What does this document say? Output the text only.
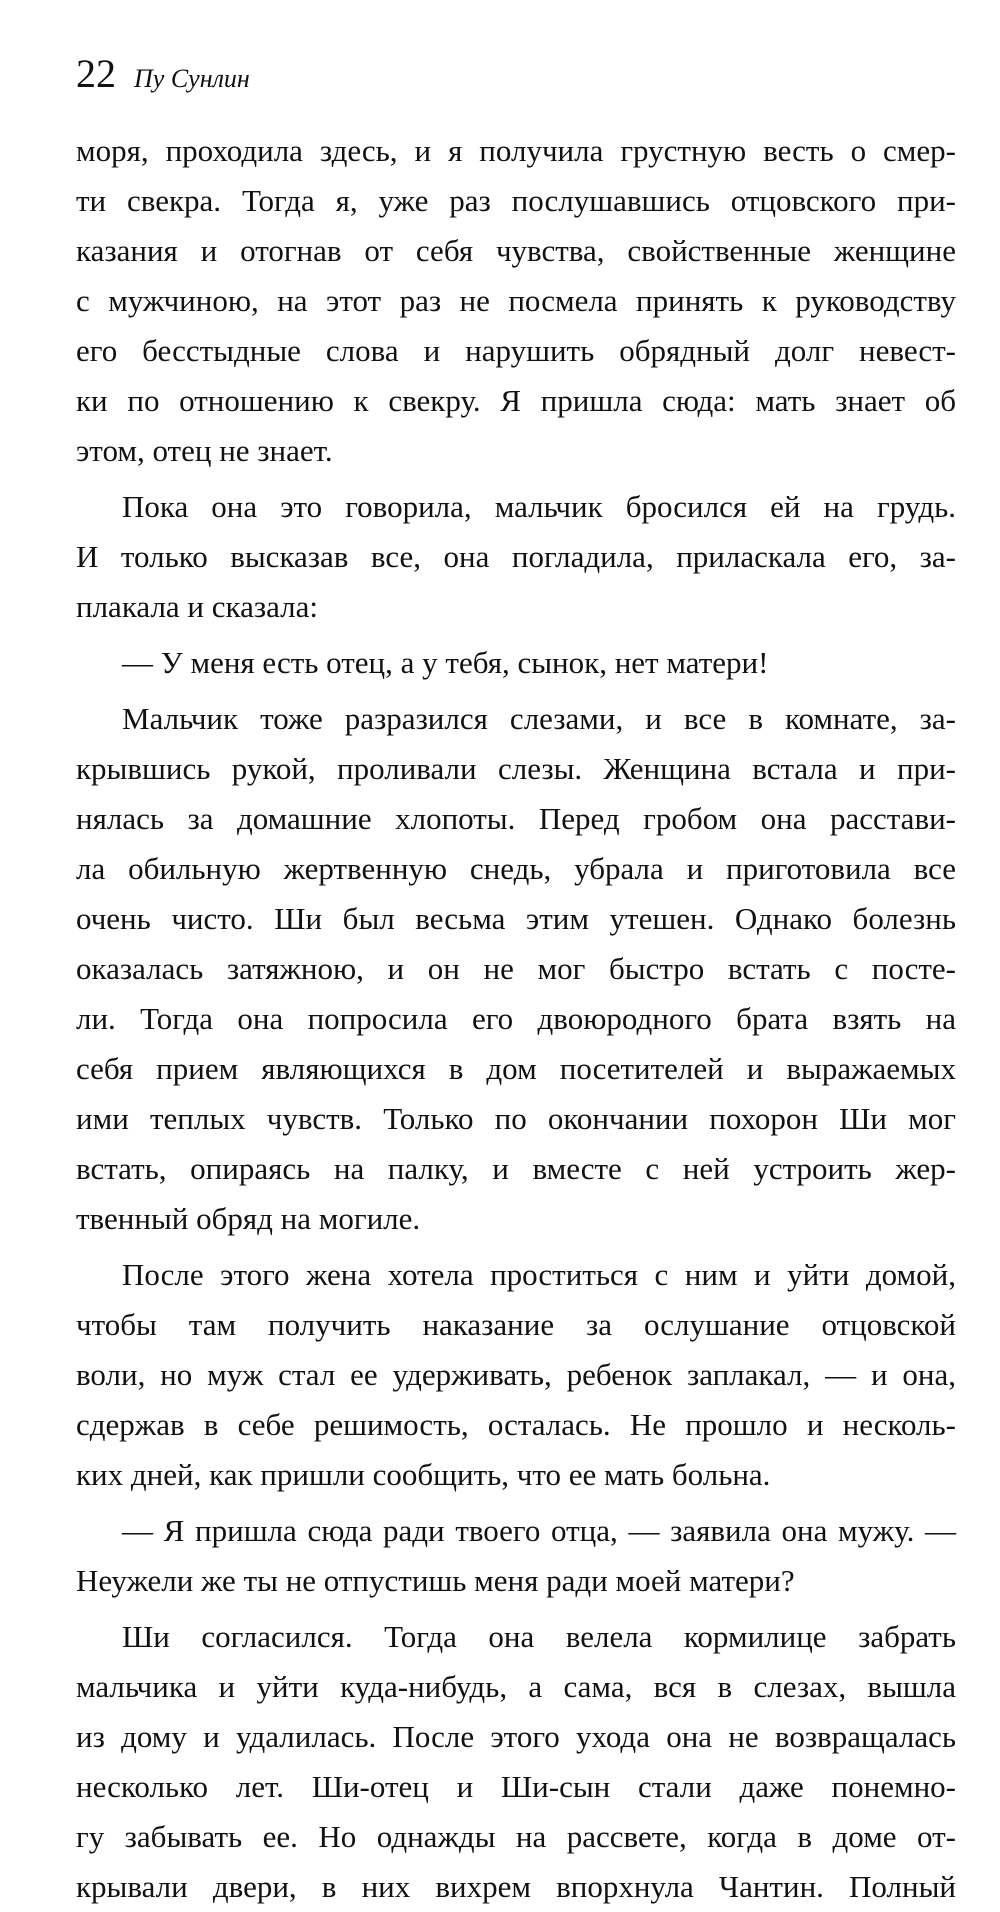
22 Пу Сунлин
моря, проходила здесь, и я получила грустную весть о смер-
ти свекра. Тогда я, уже раз послушавшись отцовского при-
казания и отогнав от себя чувства, свойственные женщине
с мужчиною, на этот раз не посмела принять к руководству
его бесстыдные слова и нарушить обрядный долг невест-
ки по отношению к свекру. Я пришла сюда: мать знает об
этом, отец не знает.
Пока она это говорила, мальчик бросился ей на грудь.
И только высказав все, она погладила, приласкала его, за-
плакала и сказала:
— У меня есть отец, а у тебя, сынок, нет матери!
Мальчик тоже разразился слезами, и все в комнате, за-
крывшись рукой, проливали слезы. Женщина встала и при-
нялась за домашние хлопоты. Перед гробом она расстави-
ла обильную жертвенную снедь, убрала и приготовила все
очень чисто. Ши был весьма этим утешен. Однако болезнь
оказалась затяжною, и он не мог быстро встать с посте-
ли. Тогда она попросила его двоюродного брата взять на
себя прием являющихся в дом посетителей и выражаемых
ими теплых чувств. Только по окончании похорон Ши мог
встать, опираясь на палку, и вместе с ней устроить жер-
твенный обряд на могиле.
После этого жена хотела проститься с ним и уйти домой,
чтобы там получить наказание за ослушание отцовской
воли, но муж стал ее удерживать, ребенок заплакал, — и она,
сдержав в себе решимость, осталась. Не прошло и несколь-
ких дней, как пришли сообщить, что ее мать больна.
— Я пришла сюда ради твоего отца, — заявила она мужу. —
Неужели же ты не отпустишь меня ради моей матери?
Ши согласился. Тогда она велела кормилице забрать
мальчика и уйти куда-нибудь, а сама, вся в слезах, вышла
из дому и удалилась. После этого ухода она не возвращалась
несколько лет. Ши-отец и Ши-сын стали даже понемно-
гу забывать ее. Но однажды на рассвете, когда в доме от-
крывали двери, в них вихрем впорхнула Чантин. Полный
